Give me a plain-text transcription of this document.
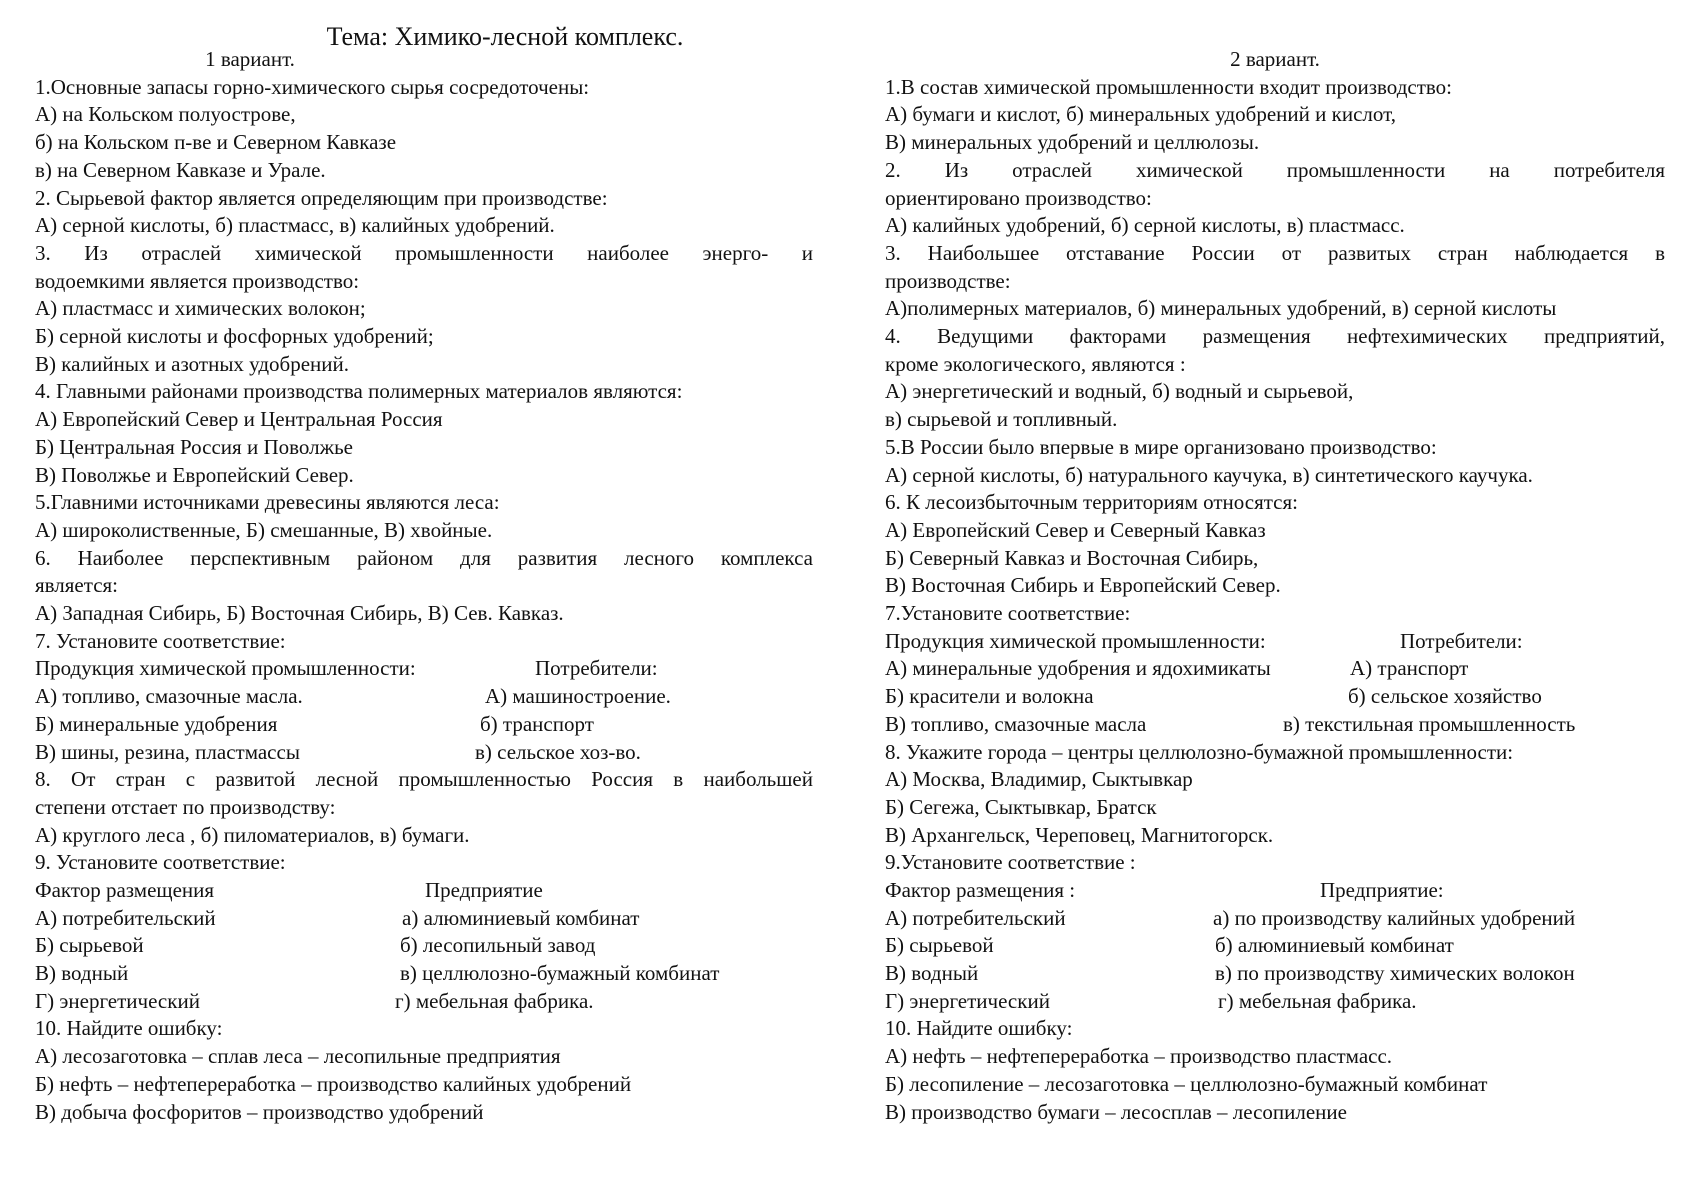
Тема: Химико-лесной комплекс.
1 вариант.
1.Основные запасы горно-химического сырья сосредоточены:
А) на Кольском полуострове,
б) на Кольском п-ве и Северном Кавказе
в) на Северном Кавказе и Урале.
2. Сырьевой фактор является определяющим при производстве:
А) серной кислоты, б) пластмасс, в) калийных удобрений.
3. Из отраслей химической промышленности наиболее энерго- и
водоемкими является производство:
А) пластмасс и химических волокон;
Б) серной кислоты и фосфорных удобрений;
В) калийных и азотных удобрений.
4. Главными районами производства полимерных материалов являются:
А) Европейский Север и Центральная Россия
Б) Центральная Россия и Поволжье
В) Поволжье и Европейский Север.
5.Главними источниками древесины являются леса:
А) широколиственные, Б) смешанные, В) хвойные.
6. Наиболее перспективным районом для развития лесного комплекса
является:
А) Западная Сибирь, Б) Восточная Сибирь, В) Сев. Кавказ.
7. Установите соответствие:
Продукция химической промышленности:	Потребители:
А) топливо, смазочные масла.	А) машиностроение.
Б) минеральные удобрения	б) транспорт
В) шины, резина, пластмассы	в) сельское хоз-во.
8. От стран с развитой лесной промышленностью Россия в наибольшей
степени отстает по производству:
А) круглого леса , б) пиломатериалов, в) бумаги.
9. Установите соответствие:
Фактор размещения	Предприятие
А) потребительский	а) алюминиевый комбинат
Б) сырьевой	б) лесопильный завод
В) водный	в) целлюлозно-бумажный комбинат
Г) энергетический	г) мебельная фабрика.
10. Найдите ошибку:
А) лесозаготовка – сплав леса – лесопильные предприятия
Б) нефть – нефтепереработка – производство калийных удобрений
В) добыча фосфоритов – производство удобрений
2 вариант.
1.В состав химической промышленности входит производство:
А) бумаги и кислот, б) минеральных удобрений и кислот,
В) минеральных удобрений и целлюлозы.
2. Из отраслей химической промышленности на потребителя
ориентировано производство:
А) калийных удобрений, б) серной кислоты, в) пластмасс.
3. Наибольшее отставание России от развитых стран наблюдается в
производстве:
А)полимерных материалов, б) минеральных удобрений, в) серной кислоты
4. Ведущими факторами размещения нефтехимических предприятий,
кроме экологического, являются :
А) энергетический и водный, б) водный и сырьевой,
в) сырьевой и топливный.
5.В России было впервые в мире организовано производство:
А) серной кислоты, б) натурального каучука, в) синтетического каучука.
6. К лесоизбыточным территориям относятся:
А) Европейский Север и Северный Кавказ
Б) Северный Кавказ и Восточная Сибирь,
В) Восточная Сибирь и Европейский Север.
7.Установите соответствие:
Продукция химической промышленности:	Потребители:
А) минеральные удобрения и ядохимикаты	А) транспорт
Б) красители и волокна	б) сельское хозяйство
В) топливо, смазочные масла	в) текстильная промышленность
8. Укажите города – центры целлюлозно-бумажной промышленности:
А) Москва, Владимир, Сыктывкар
Б) Сегежа, Сыктывкар, Братск
В) Архангельск, Череповец, Магнитогорск.
9.Установите соответствие :
Фактор размещения :	Предприятие:
А) потребительский	а) по производству калийных удобрений
Б) сырьевой	б) алюминиевый комбинат
В) водный	в) по производству химических волокон
Г) энергетический	г) мебельная фабрика.
10. Найдите ошибку:
А) нефть – нефтепереработка – производство пластмасс.
Б) лесопиление – лесозаготовка – целлюлозно-бумажный комбинат
В) производство бумаги – лесосплав – лесопиление
